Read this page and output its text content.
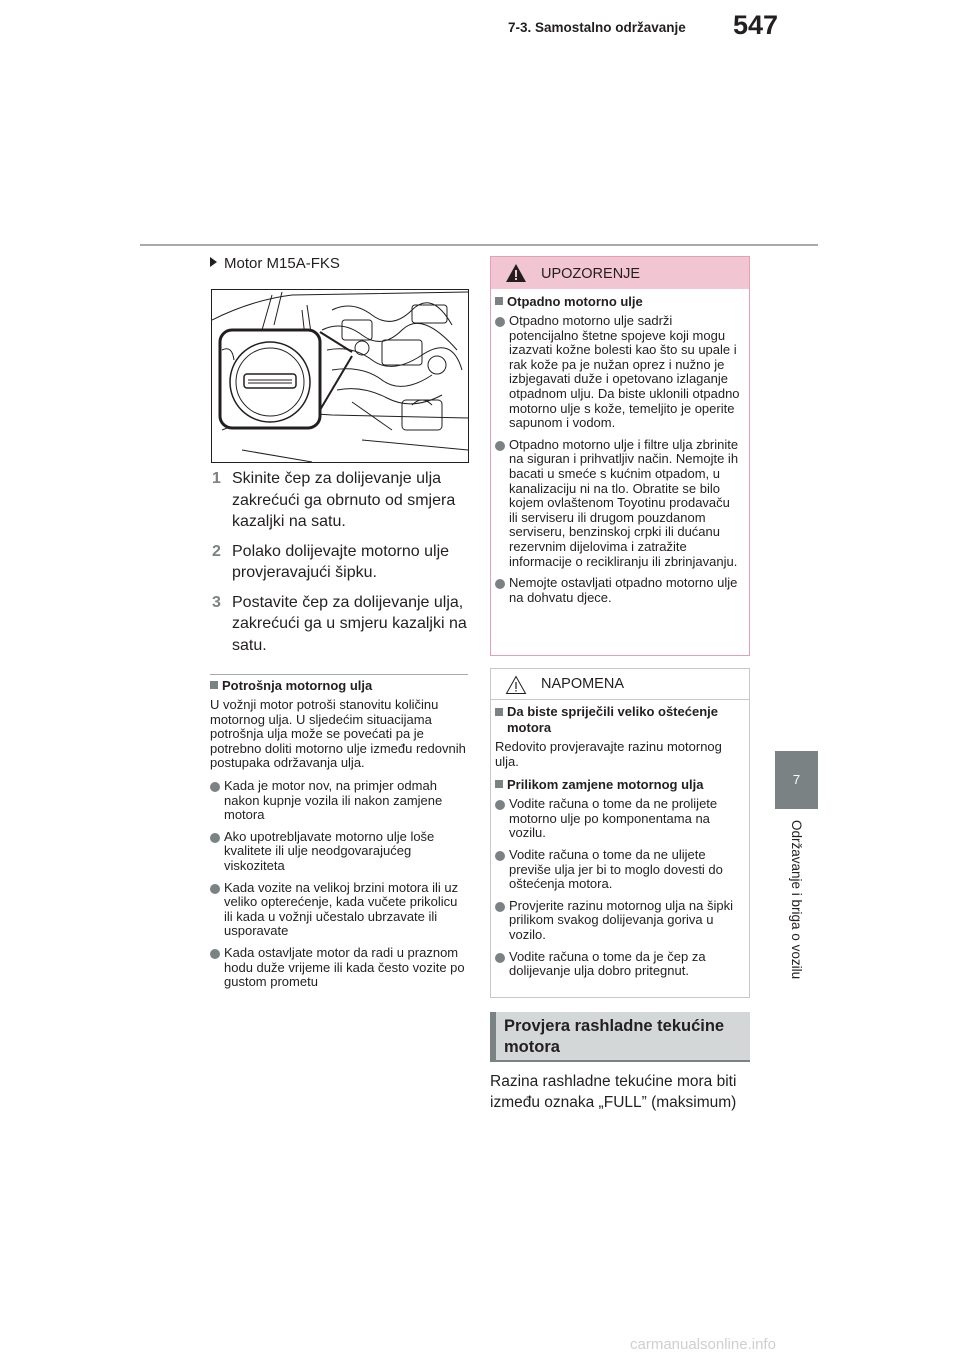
7-3. Samostalno održavanje 547
7
Održavanje i briga o vozilu
Motor M15A-FKS
1 Skinite čep za dolijevanje ulja zakrećući ga obrnuto od smjera kazaljki na satu.
2 Polako dolijevajte motorno ulje provjeravajući šipku.
3 Postavite čep za dolijevanje ulja, zakrećući ga u smjeru kazaljki na satu.
Potrošnja motornog ulja
U vožnji motor potroši stanovitu količinu motornog ulja. U sljedećim situacijama potrošnja ulja može se povećati pa je potrebno doliti motorno ulje između redovnih postupaka održavanja ulja.
Kada je motor nov, na primjer odmah nakon kupnje vozila ili nakon zamjene motora
Ako upotrebljavate motorno ulje loše kvalitete ili ulje neodgovarajućeg viskoziteta
Kada vozite na velikoj brzini motora ili uz veliko opterećenje, kada vučete prikolicu ili kada u vožnji učestalo ubrzavate ili usporavate
Kada ostavljate motor da radi u praznom hodu duže vrijeme ili kada često vozite po gustom prometu
UPOZORENJE
Otpadno motorno ulje
Otpadno motorno ulje sadrži potencijalno štetne spojeve koji mogu izazvati kožne bolesti kao što su upale i rak kože pa je nužan oprez i nužno je izbjegavati duže i opetovano izlaganje otpadnom ulju. Da biste uklonili otpadno motorno ulje s kože, temeljito je operite sapunom i vodom.
Otpadno motorno ulje i filtre ulja zbrinite na siguran i prihvatljiv način. Nemojte ih bacati u smeće s kućnim otpadom, u kanalizaciju ni na tlo. Obratite se bilo kojem ovlaštenom Toyotinu prodavaču ili serviseru ili drugom pouzdanom serviseru, benzinskoj crpki ili dućanu rezervnim dijelovima i zatražite informacije o recikliranju ili zbrinjavanju.
Nemojte ostavljati otpadno motorno ulje na dohvatu djece.
NAPOMENA
Da biste spriječili veliko oštećenje motora
Redovito provjeravajte razinu motornog ulja.
Prilikom zamjene motornog ulja
Vodite računa o tome da ne prolijete motorno ulje po komponentama na vozilu.
Vodite računa o tome da ne ulijete previše ulja jer bi to moglo dovesti do oštećenja motora.
Provjerite razinu motornog ulja na šipki prilikom svakog dolijevanja goriva u vozilo.
Vodite računa o tome da je čep za dolijevanje ulja dobro pritegnut.
Provjera rashladne tekućine motora
Razina rashladne tekućine mora biti između oznaka „FULL” (maksimum)
carmanualsonline.info
